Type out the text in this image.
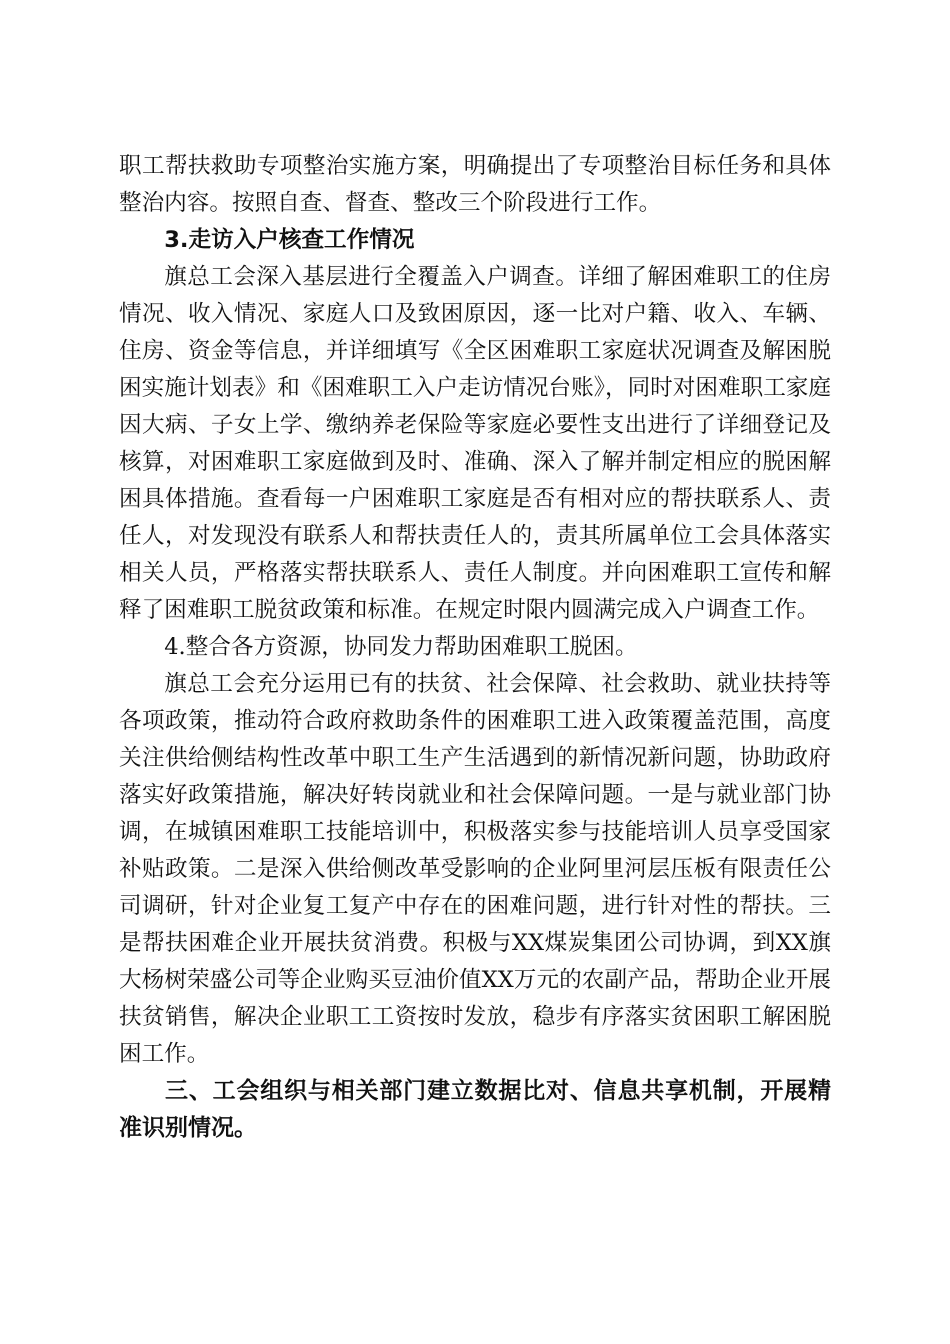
职工帮扶救助专项整治实施方案，明确提出了专项整治目标任务和具体整治内容。按照自查、督查、整改三个阶段进行工作。

3.走访入户核查工作情况

旗总工会深入基层进行全覆盖入户调查。详细了解困难职工的住房情况、收入情况、家庭人口及致困原因，逐一比对户籍、收入、车辆、住房、资金等信息，并详细填写《全区困难职工家庭状况调查及解困脱困实施计划表》和《困难职工入户走访情况台账》，同时对困难职工家庭因大病、子女上学、缴纳养老保险等家庭必要性支出进行了详细登记及核算，对困难职工家庭做到及时、准确、深入了解并制定相应的脱困解困具体措施。查看每一户困难职工家庭是否有相对应的帮扶联系人、责任人，对发现没有联系人和帮扶责任人的，责其所属单位工会具体落实相关人员，严格落实帮扶联系人、责任人制度。并向困难职工宣传和解释了困难职工脱贫政策和标准。在规定时限内圆满完成入户调查工作。

4.整合各方资源，协同发力帮助困难职工脱困。

旗总工会充分运用已有的扶贫、社会保障、社会救助、就业扶持等各项政策，推动符合政府救助条件的困难职工进入政策覆盖范围，高度关注供给侧结构性改革中职工生产生活遇到的新情况新问题，协助政府落实好政策措施，解决好转岗就业和社会保障问题。一是与就业部门协调，在城镇困难职工技能培训中，积极落实参与技能培训人员享受国家补贴政策。二是深入供给侧改革受影响的企业阿里河层压板有限责任公司调研，针对企业复工复产中存在的困难问题，进行针对性的帮扶。三是帮扶困难企业开展扶贫消费。积极与XX煤炭集团公司协调，到XX旗大杨树荣盛公司等企业购买豆油价值XX万元的农副产品，帮助企业开展扶贫销售，解决企业职工工资按时发放，稳步有序落实贫困职工解困脱困工作。

三、工会组织与相关部门建立数据比对、信息共享机制，开展精准识别情况。
